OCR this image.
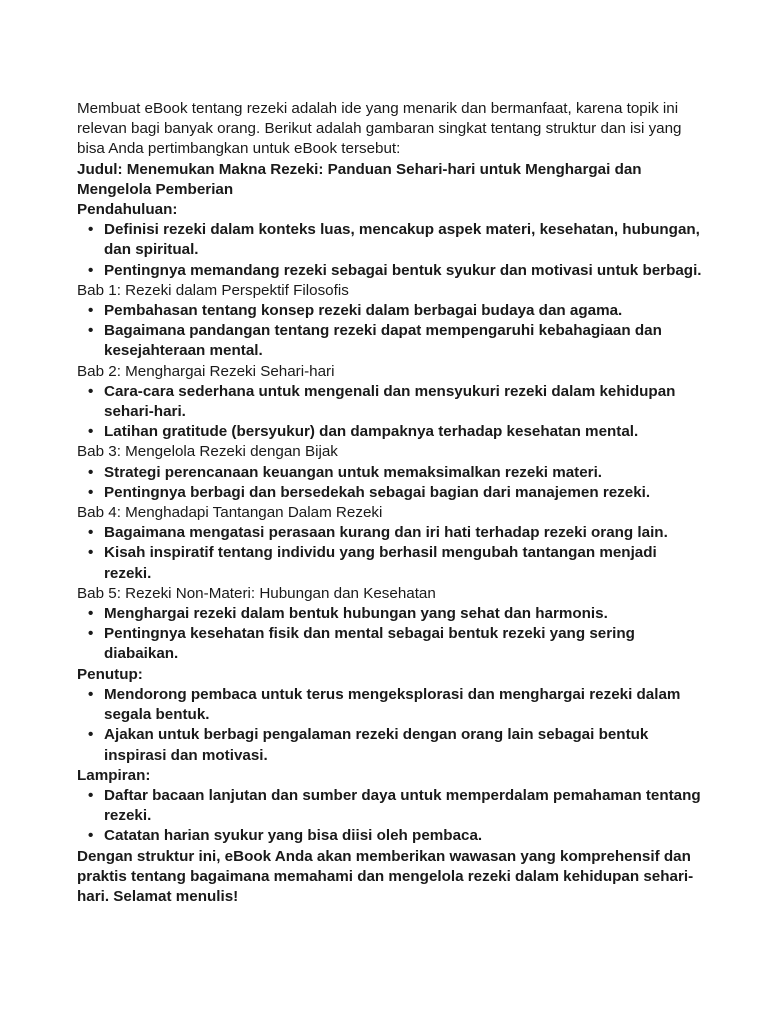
Membuat eBook tentang rezeki adalah ide yang menarik dan bermanfaat, karena topik ini relevan bagi banyak orang. Berikut adalah gambaran singkat tentang struktur dan isi yang bisa Anda pertimbangkan untuk eBook tersebut:

Judul: Menemukan Makna Rezeki: Panduan Sehari-hari untuk Menghargai dan Mengelola Pemberian

Pendahuluan:

• Definisi rezeki dalam konteks luas, mencakup aspek materi, kesehatan, hubungan, dan spiritual.
• Pentingnya memandang rezeki sebagai bentuk syukur dan motivasi untuk berbagi.

Bab 1: Rezeki dalam Perspektif Filosofis

• Pembahasan tentang konsep rezeki dalam berbagai budaya dan agama.
• Bagaimana pandangan tentang rezeki dapat mempengaruhi kebahagiaan dan kesejahteraan mental.

Bab 2: Menghargai Rezeki Sehari-hari

• Cara-cara sederhana untuk mengenali dan mensyukuri rezeki dalam kehidupan sehari-hari.
• Latihan gratitude (bersyukur) dan dampaknya terhadap kesehatan mental.

Bab 3: Mengelola Rezeki dengan Bijak

• Strategi perencanaan keuangan untuk memaksimalkan rezeki materi.
• Pentingnya berbagi dan bersedekah sebagai bagian dari manajemen rezeki.

Bab 4: Menghadapi Tantangan Dalam Rezeki

• Bagaimana mengatasi perasaan kurang dan iri hati terhadap rezeki orang lain.
• Kisah inspiratif tentang individu yang berhasil mengubah tantangan menjadi rezeki.

Bab 5: Rezeki Non-Materi: Hubungan dan Kesehatan

• Menghargai rezeki dalam bentuk hubungan yang sehat dan harmonis.
• Pentingnya kesehatan fisik dan mental sebagai bentuk rezeki yang sering diabaikan.

Penutup:

• Mendorong pembaca untuk terus mengeksplorasi dan menghargai rezeki dalam segala bentuk.
• Ajakan untuk berbagi pengalaman rezeki dengan orang lain sebagai bentuk inspirasi dan motivasi.

Lampiran:

• Daftar bacaan lanjutan dan sumber daya untuk memperdalam pemahaman tentang rezeki.
• Catatan harian syukur yang bisa diisi oleh pembaca.

Dengan struktur ini, eBook Anda akan memberikan wawasan yang komprehensif dan praktis tentang bagaimana memahami dan mengelola rezeki dalam kehidupan sehari-hari. Selamat menulis!
